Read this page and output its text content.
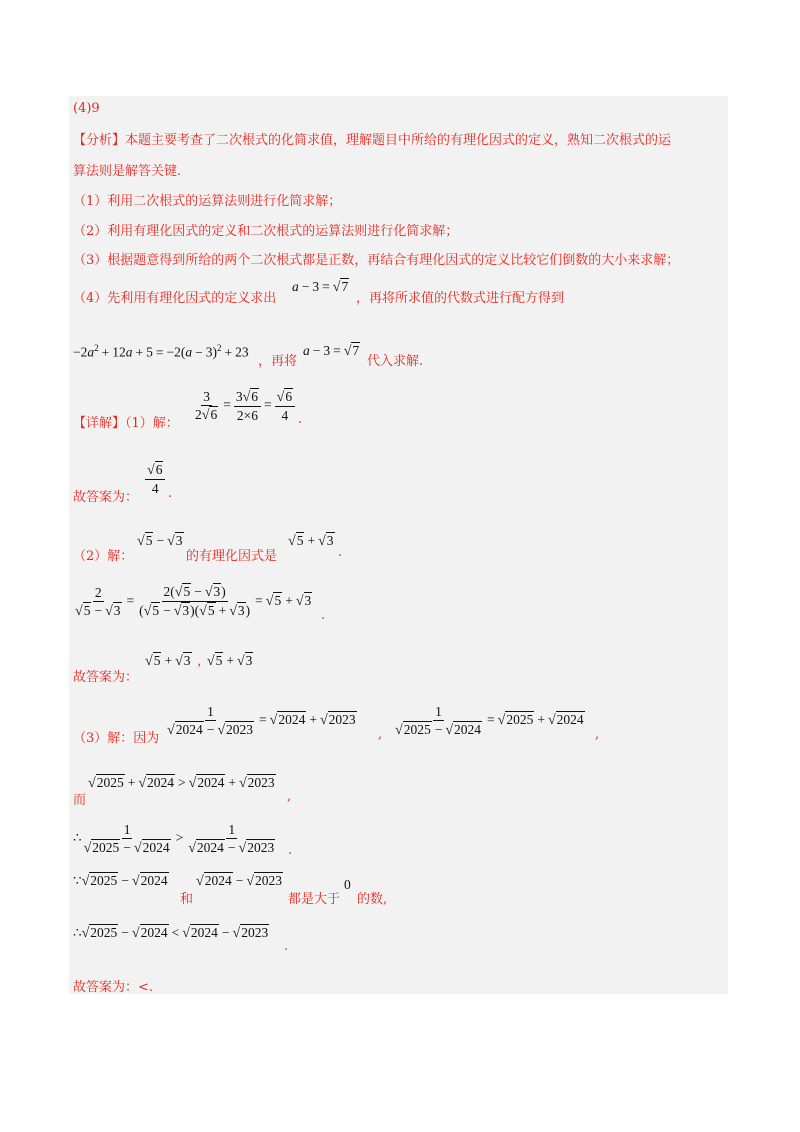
(4)9
【分析】本题主要考查了二次根式的化简求值，理解题目中所给的有理化因式的定义，熟知二次根式的运
算法则是解答关键.
（1）利用二次根式的运算法则进行化简求解；
（2）利用有理化因式的定义和二次根式的运算法则进行化简求解；
（3）根据题意得到所给的两个二次根式都是正数，再结合有理化因式的定义比较它们倒数的大小来求解；
（4）先利用有理化因式的定义求出
a − 3 = √7
，再将所求值的代数式进行配方得到
$-2a^2 + 12a + 5 = -2(a - 3)^2 + 23$
，再将
a − 3 = √7
代入求解.
【详解】（1）解：
$\frac{3}{2√6} = \frac{3√6}{2\times 6} = \frac{√6}{4}$ .
故答案为：
$\frac{√6}{4}$ .
（2）解：
√5 − √3
的有理化因式是
√5 + √3
.
$\frac{2}{√5 - √3} = \frac{2(√5 - √3)}{(√5 - √3)(√5 + √3)} = √5 + √3$
.
故答案为：
√5 + √3 , √5 + √3
（3）解：因为
$\frac{1}{√2024 - √2023} = √2024 + √2023$
, $\frac{1}{√2025 - √2024} = √2025 + √2024$
,
而
√2025 + √2024 > √2024 + √2023
,
∴ $\frac{1}{√2025 - √2024} > \frac{1}{√2024 - √2023}$ .
∵√2025 − √2024
和
√2024 − √2023
都是大于
0
的数,
∴√2025 − √2024 < √2024 − √2023
.
故答案为：<.
